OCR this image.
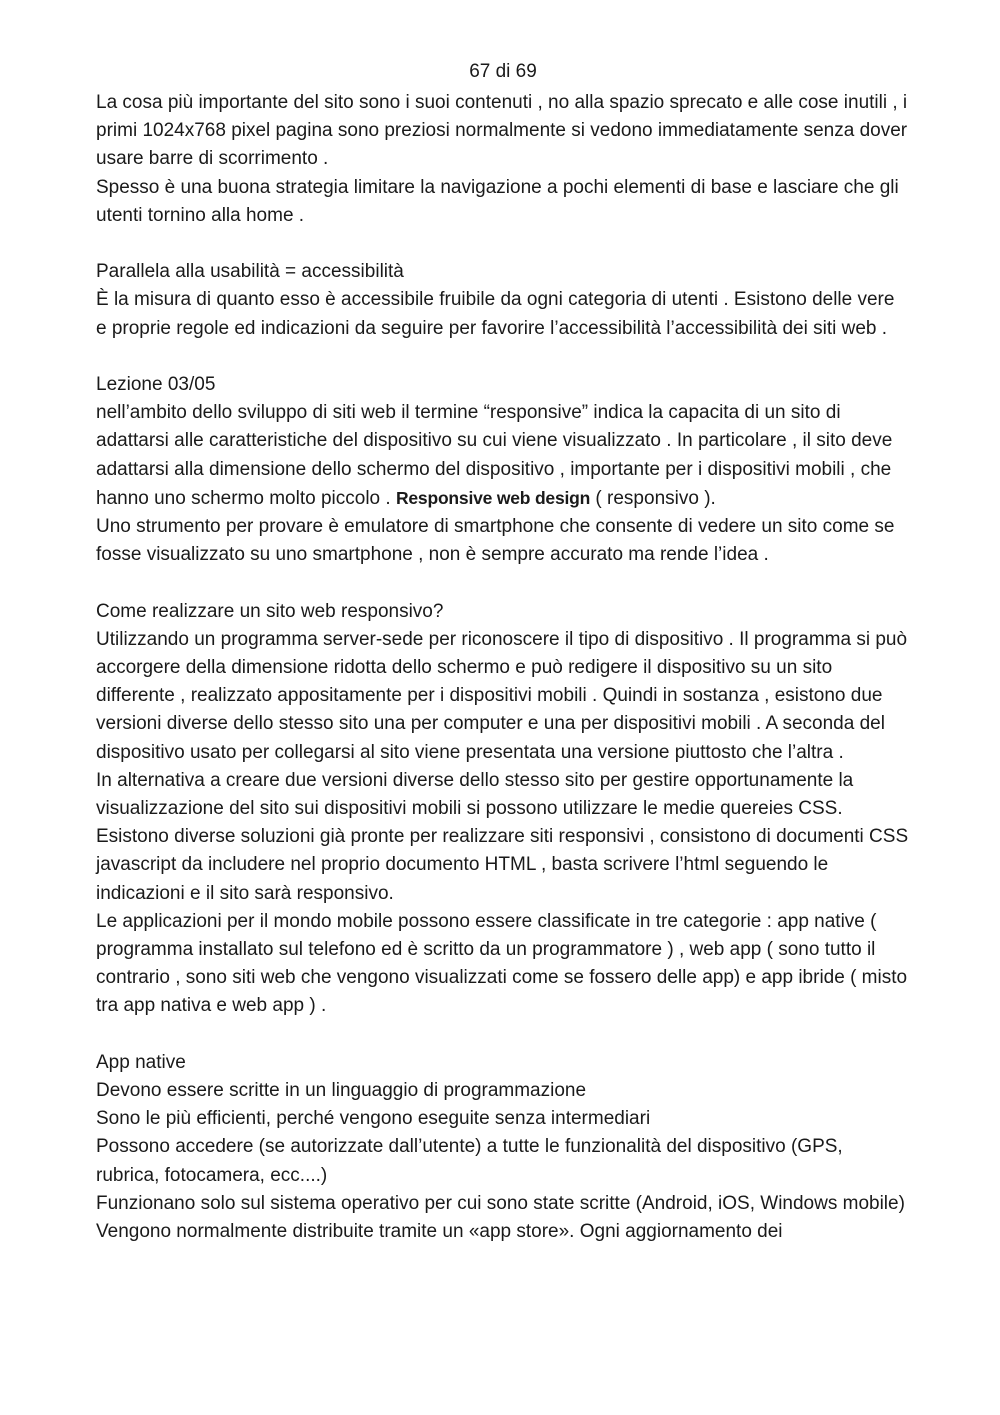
67 di 69

La cosa più importante del sito sono i suoi contenuti , no alla spazio sprecato e alle cose inutili , i primi 1024x768 pixel pagina sono preziosi normalmente si vedono immediatamente senza dover usare barre di scorrimento .

Spesso è una buona strategia limitare la navigazione a pochi elementi di base e lasciare che gli utenti tornino alla home .

Parallela alla usabilità = accessibilità

È la misura di quanto esso è accessibile fruibile da ogni categoria di utenti . Esistono delle vere e proprie regole ed indicazioni da seguire per favorire l’accessibilità l’accessibilità dei siti web .

Lezione 03/05

nell’ambito dello sviluppo di siti web il termine “responsive” indica la capacita di un sito di adattarsi alle caratteristiche del dispositivo su cui viene visualizzato . In particolare , il sito deve adattarsi alla dimensione dello schermo del dispositivo , importante per i dispositivi mobili , che hanno uno schermo molto piccolo . Responsive web design ( responsivo ).

Uno strumento per provare è emulatore di smartphone che consente di vedere un sito come se fosse visualizzato su uno smartphone , non è sempre accurato ma rende l’idea .

Come realizzare un sito web responsivo?

Utilizzando un programma server-sede per riconoscere il tipo di dispositivo . Il programma si può accorgere della dimensione ridotta dello schermo e può redigere il dispositivo su un sito differente , realizzato appositamente per i dispositivi mobili . Quindi in sostanza , esistono due versioni diverse dello stesso sito una per computer e una per dispositivi mobili . A seconda del dispositivo usato per collegarsi al sito viene presentata una versione piuttosto che l’altra .

In alternativa a creare due versioni diverse dello stesso sito per gestire opportunamente la visualizzazione del sito sui dispositivi mobili si possono utilizzare le medie quereies CSS.

Esistono diverse soluzioni già pronte per realizzare siti responsivi , consistono di documenti CSS javascript da includere nel proprio documento HTML , basta scrivere l’html seguendo le indicazioni e il sito sarà responsivo.

Le applicazioni per il mondo mobile possono essere classificate in tre categorie : app native ( programma installato sul telefono ed è scritto da un programmatore ) , web app ( sono tutto il contrario , sono siti web che vengono visualizzati come se fossero delle app) e app ibride ( misto tra app nativa e web app ) .

App native

Devono essere scritte in un linguaggio di programmazione

Sono le più efficienti, perché vengono eseguite senza intermediari

Possono accedere (se autorizzate dall’utente) a tutte le funzionalità del dispositivo (GPS, rubrica, fotocamera, ecc....)

Funzionano solo sul sistema operativo per cui sono state scritte (Android, iOS, Windows mobile) Vengono normalmente distribuite tramite un «app store». Ogni aggiornamento dei
